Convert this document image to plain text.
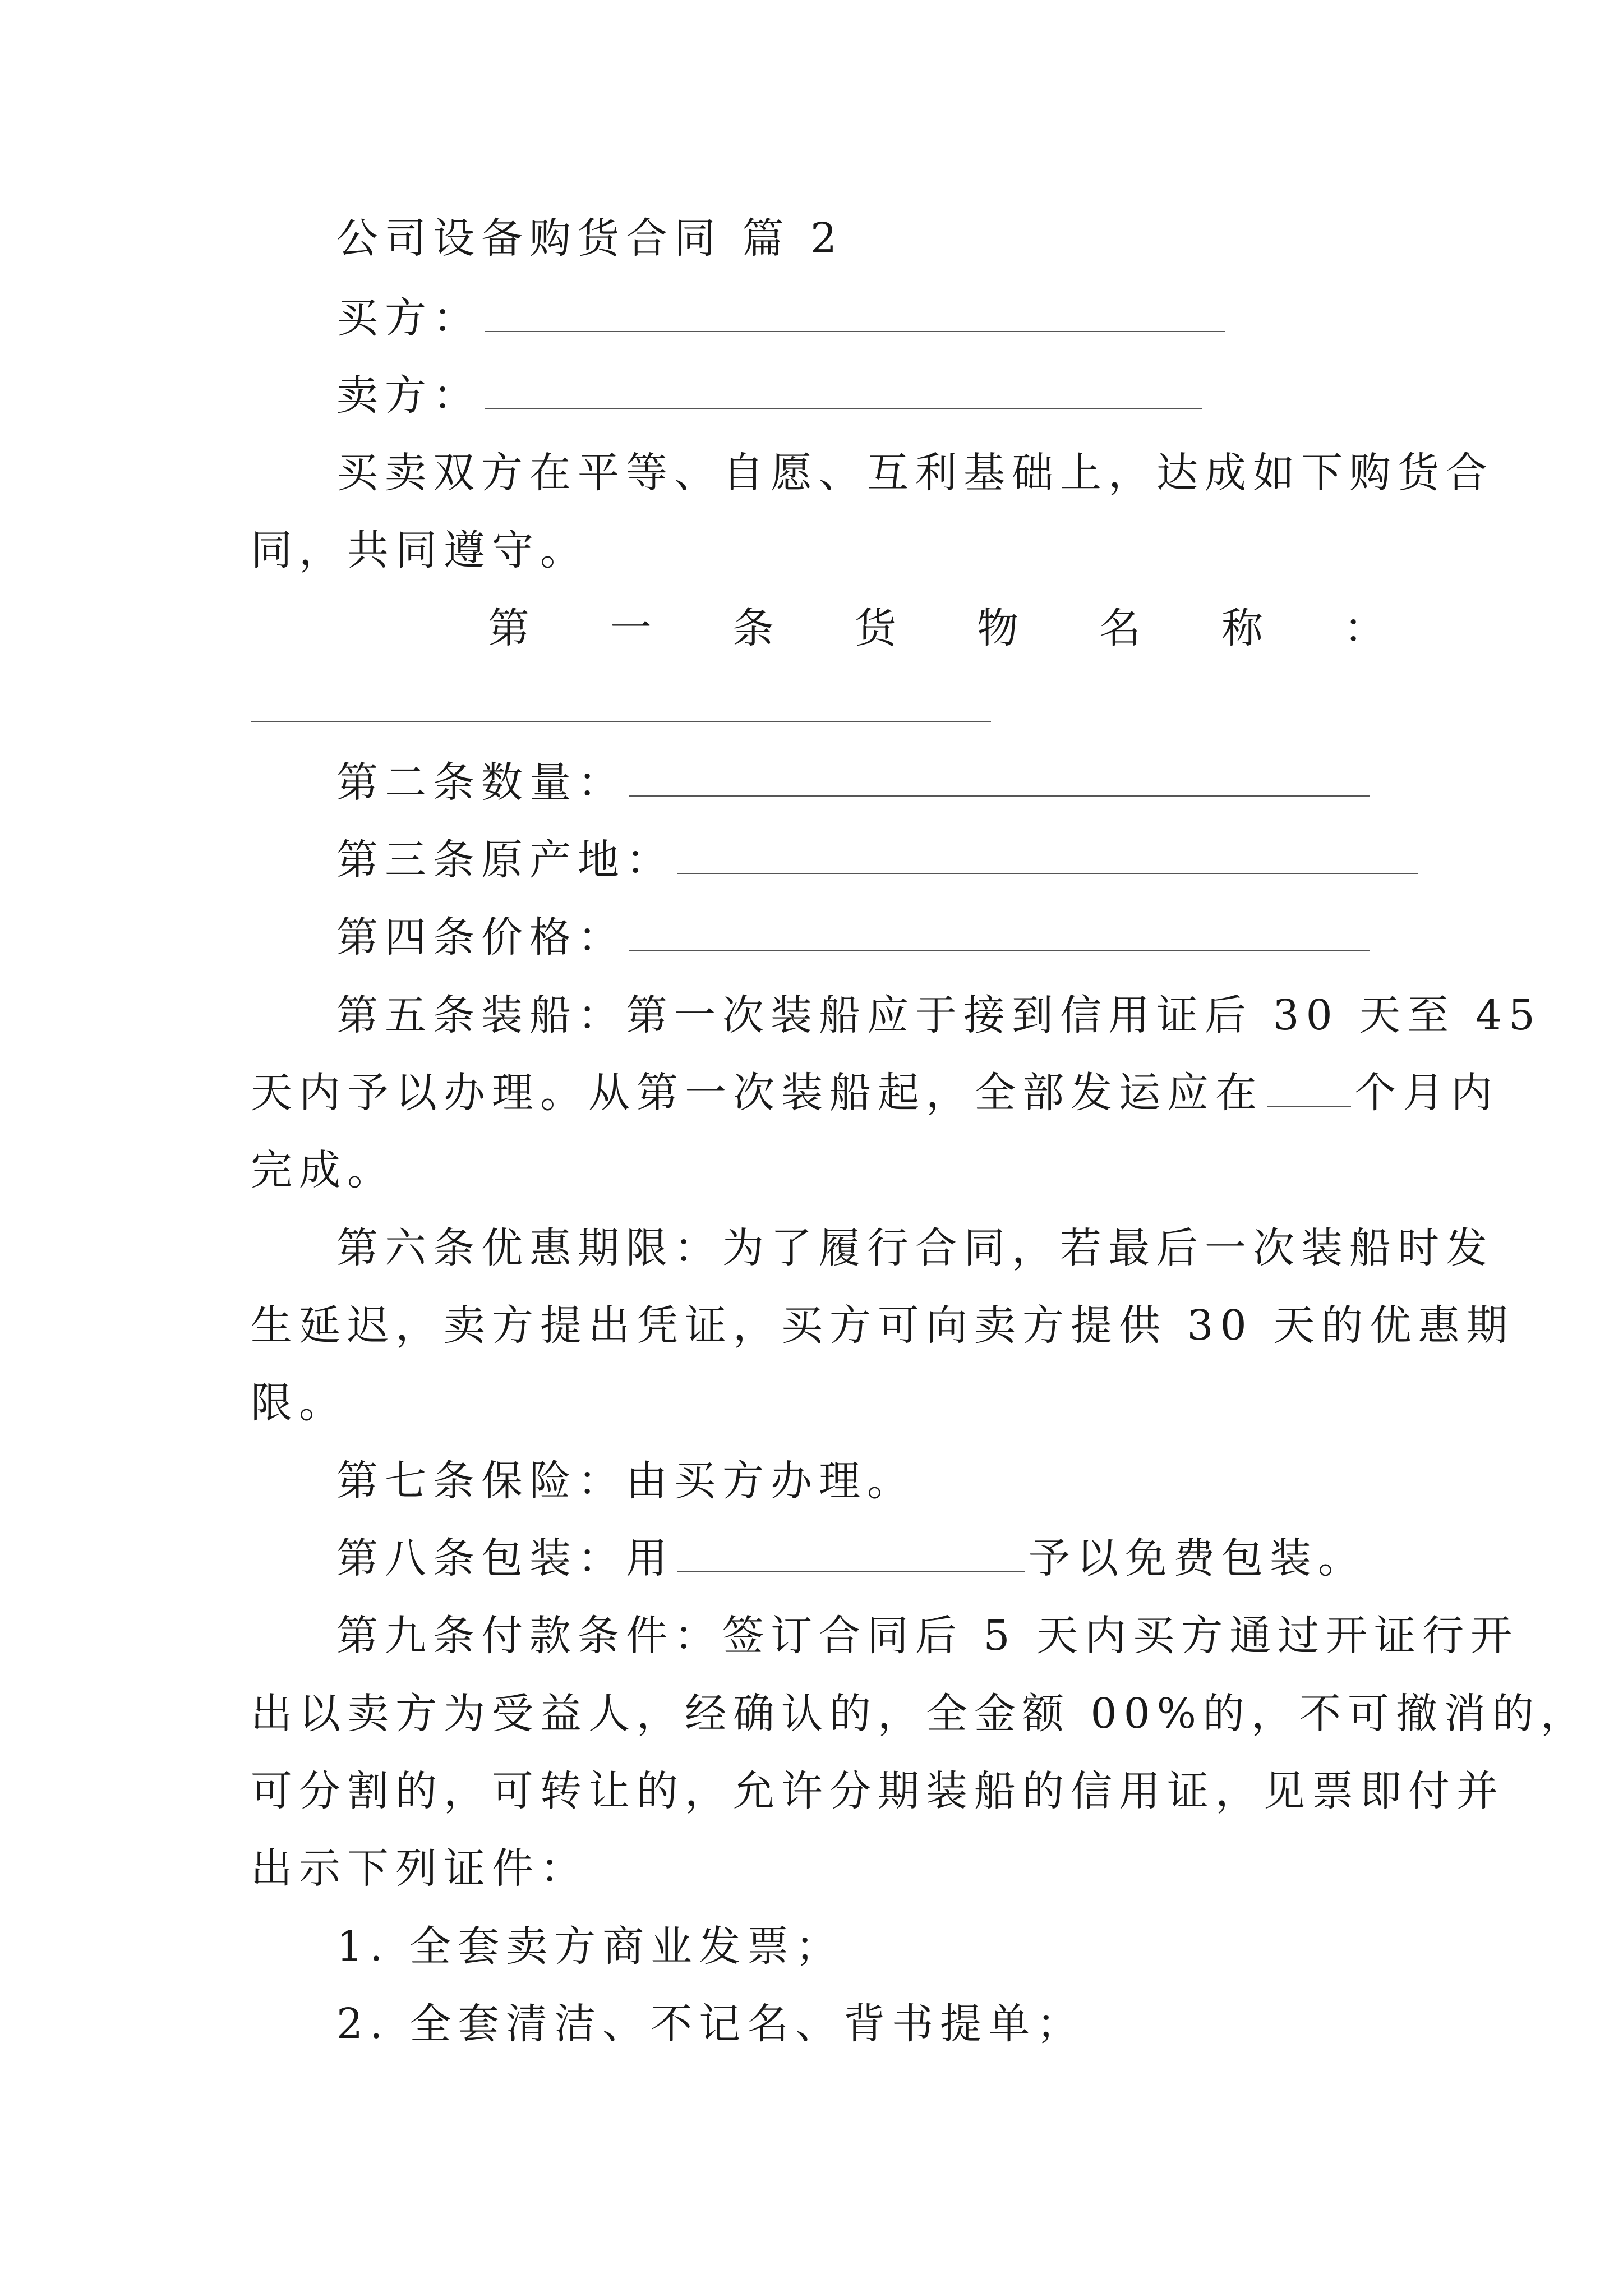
公司设备购货合同 篇 2
买方：
卖方：
买卖双方在平等、自愿、互利基础上，达成如下购货合
同，共同遵守。
第 一 条 货 物 名 称 ：
第二条数量：
第三条原产地：
第四条价格：
第五条装船：第一次装船应于接到信用证后 30 天至 45
天内予以办理。从第一次装船起，全部发运应在 个月内
完成。
第六条优惠期限：为了履行合同，若最后一次装船时发
生延迟，卖方提出凭证，买方可向卖方提供 30 天的优惠期
限。
第七条保险：由买方办理。
第八条包装：用	予以免费包装。
第九条付款条件：签订合同后 5 天内买方通过开证行开
出以卖方为受益人，经确认的，全金额 00%的，不可撤消的，
可分割的，可转让的，允许分期装船的信用证，见票即付并
出示下列证件：
1. 全套卖方商业发票；
2. 全套清洁、不记名、背书提单；
